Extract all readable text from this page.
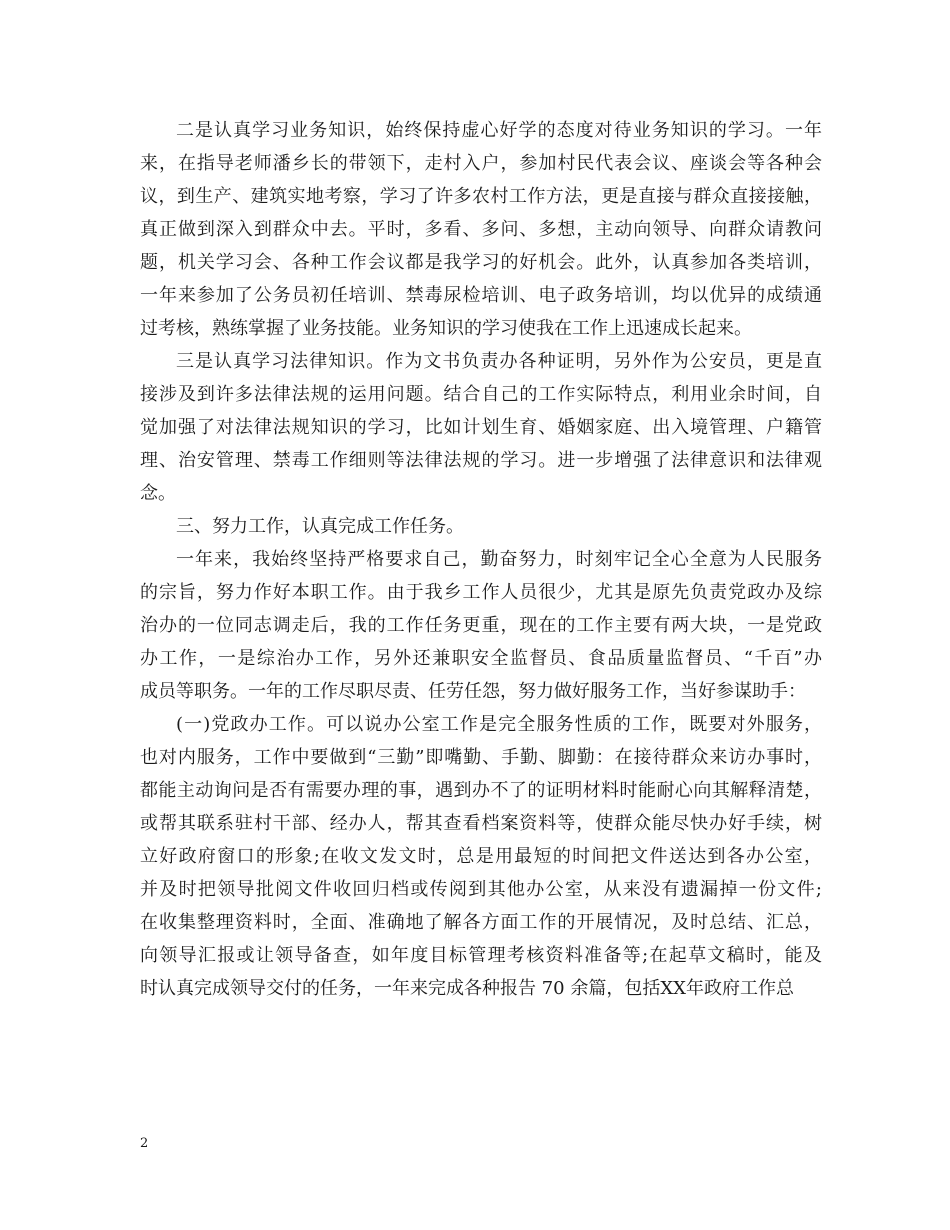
二是认真学习业务知识，始终保持虚心好学的态度对待业务知识的学习。一年
来，在指导老师潘乡长的带领下，走村入户，参加村民代表会议、座谈会等各种会
议，到生产、建筑实地考察，学习了许多农村工作方法，更是直接与群众直接接触，
真正做到深入到群众中去。平时，多看、多问、多想，主动向领导、向群众请教问
题，机关学习会、各种工作会议都是我学习的好机会。此外，认真参加各类培训，
一年来参加了公务员初任培训、禁毒尿检培训、电子政务培训，均以优异的成绩通
过考核，熟练掌握了业务技能。业务知识的学习使我在工作上迅速成长起来。
三是认真学习法律知识。作为文书负责办各种证明，另外作为公安员，更是直
接涉及到许多法律法规的运用问题。结合自己的工作实际特点，利用业余时间，自
觉加强了对法律法规知识的学习，比如计划生育、婚姻家庭、出入境管理、户籍管
理、治安管理、禁毒工作细则等法律法规的学习。进一步增强了法律意识和法律观
念。
三、努力工作，认真完成工作任务。
一年来，我始终坚持严格要求自己，勤奋努力，时刻牢记全心全意为人民服务
的宗旨，努力作好本职工作。由于我乡工作人员很少，尤其是原先负责党政办及综
治办的一位同志调走后，我的工作任务更重，现在的工作主要有两大块，一是党政
办工作，一是综治办工作，另外还兼职安全监督员、食品质量监督员、“千百”办
成员等职务。一年的工作尽职尽责、任劳任怨，努力做好服务工作，当好参谋助手：
(一)党政办工作。可以说办公室工作是完全服务性质的工作，既要对外服务，
也对内服务，工作中要做到“三勤”即嘴勤、手勤、脚勤：在接待群众来访办事时，
都能主动询问是否有需要办理的事，遇到办不了的证明材料时能耐心向其解释清楚，
或帮其联系驻村干部、经办人，帮其查看档案资料等，使群众能尽快办好手续，树
立好政府窗口的形象;在收文发文时，总是用最短的时间把文件送达到各办公室，
并及时把领导批阅文件收回归档或传阅到其他办公室，从来没有遗漏掉一份文件;
在收集整理资料时，全面、准确地了解各方面工作的开展情况，及时总结、汇总，
向领导汇报或让领导备查，如年度目标管理考核资料准备等;在起草文稿时，能及
时认真完成领导交付的任务，一年来完成各种报告 70 余篇，包括XX年政府工作总
2
